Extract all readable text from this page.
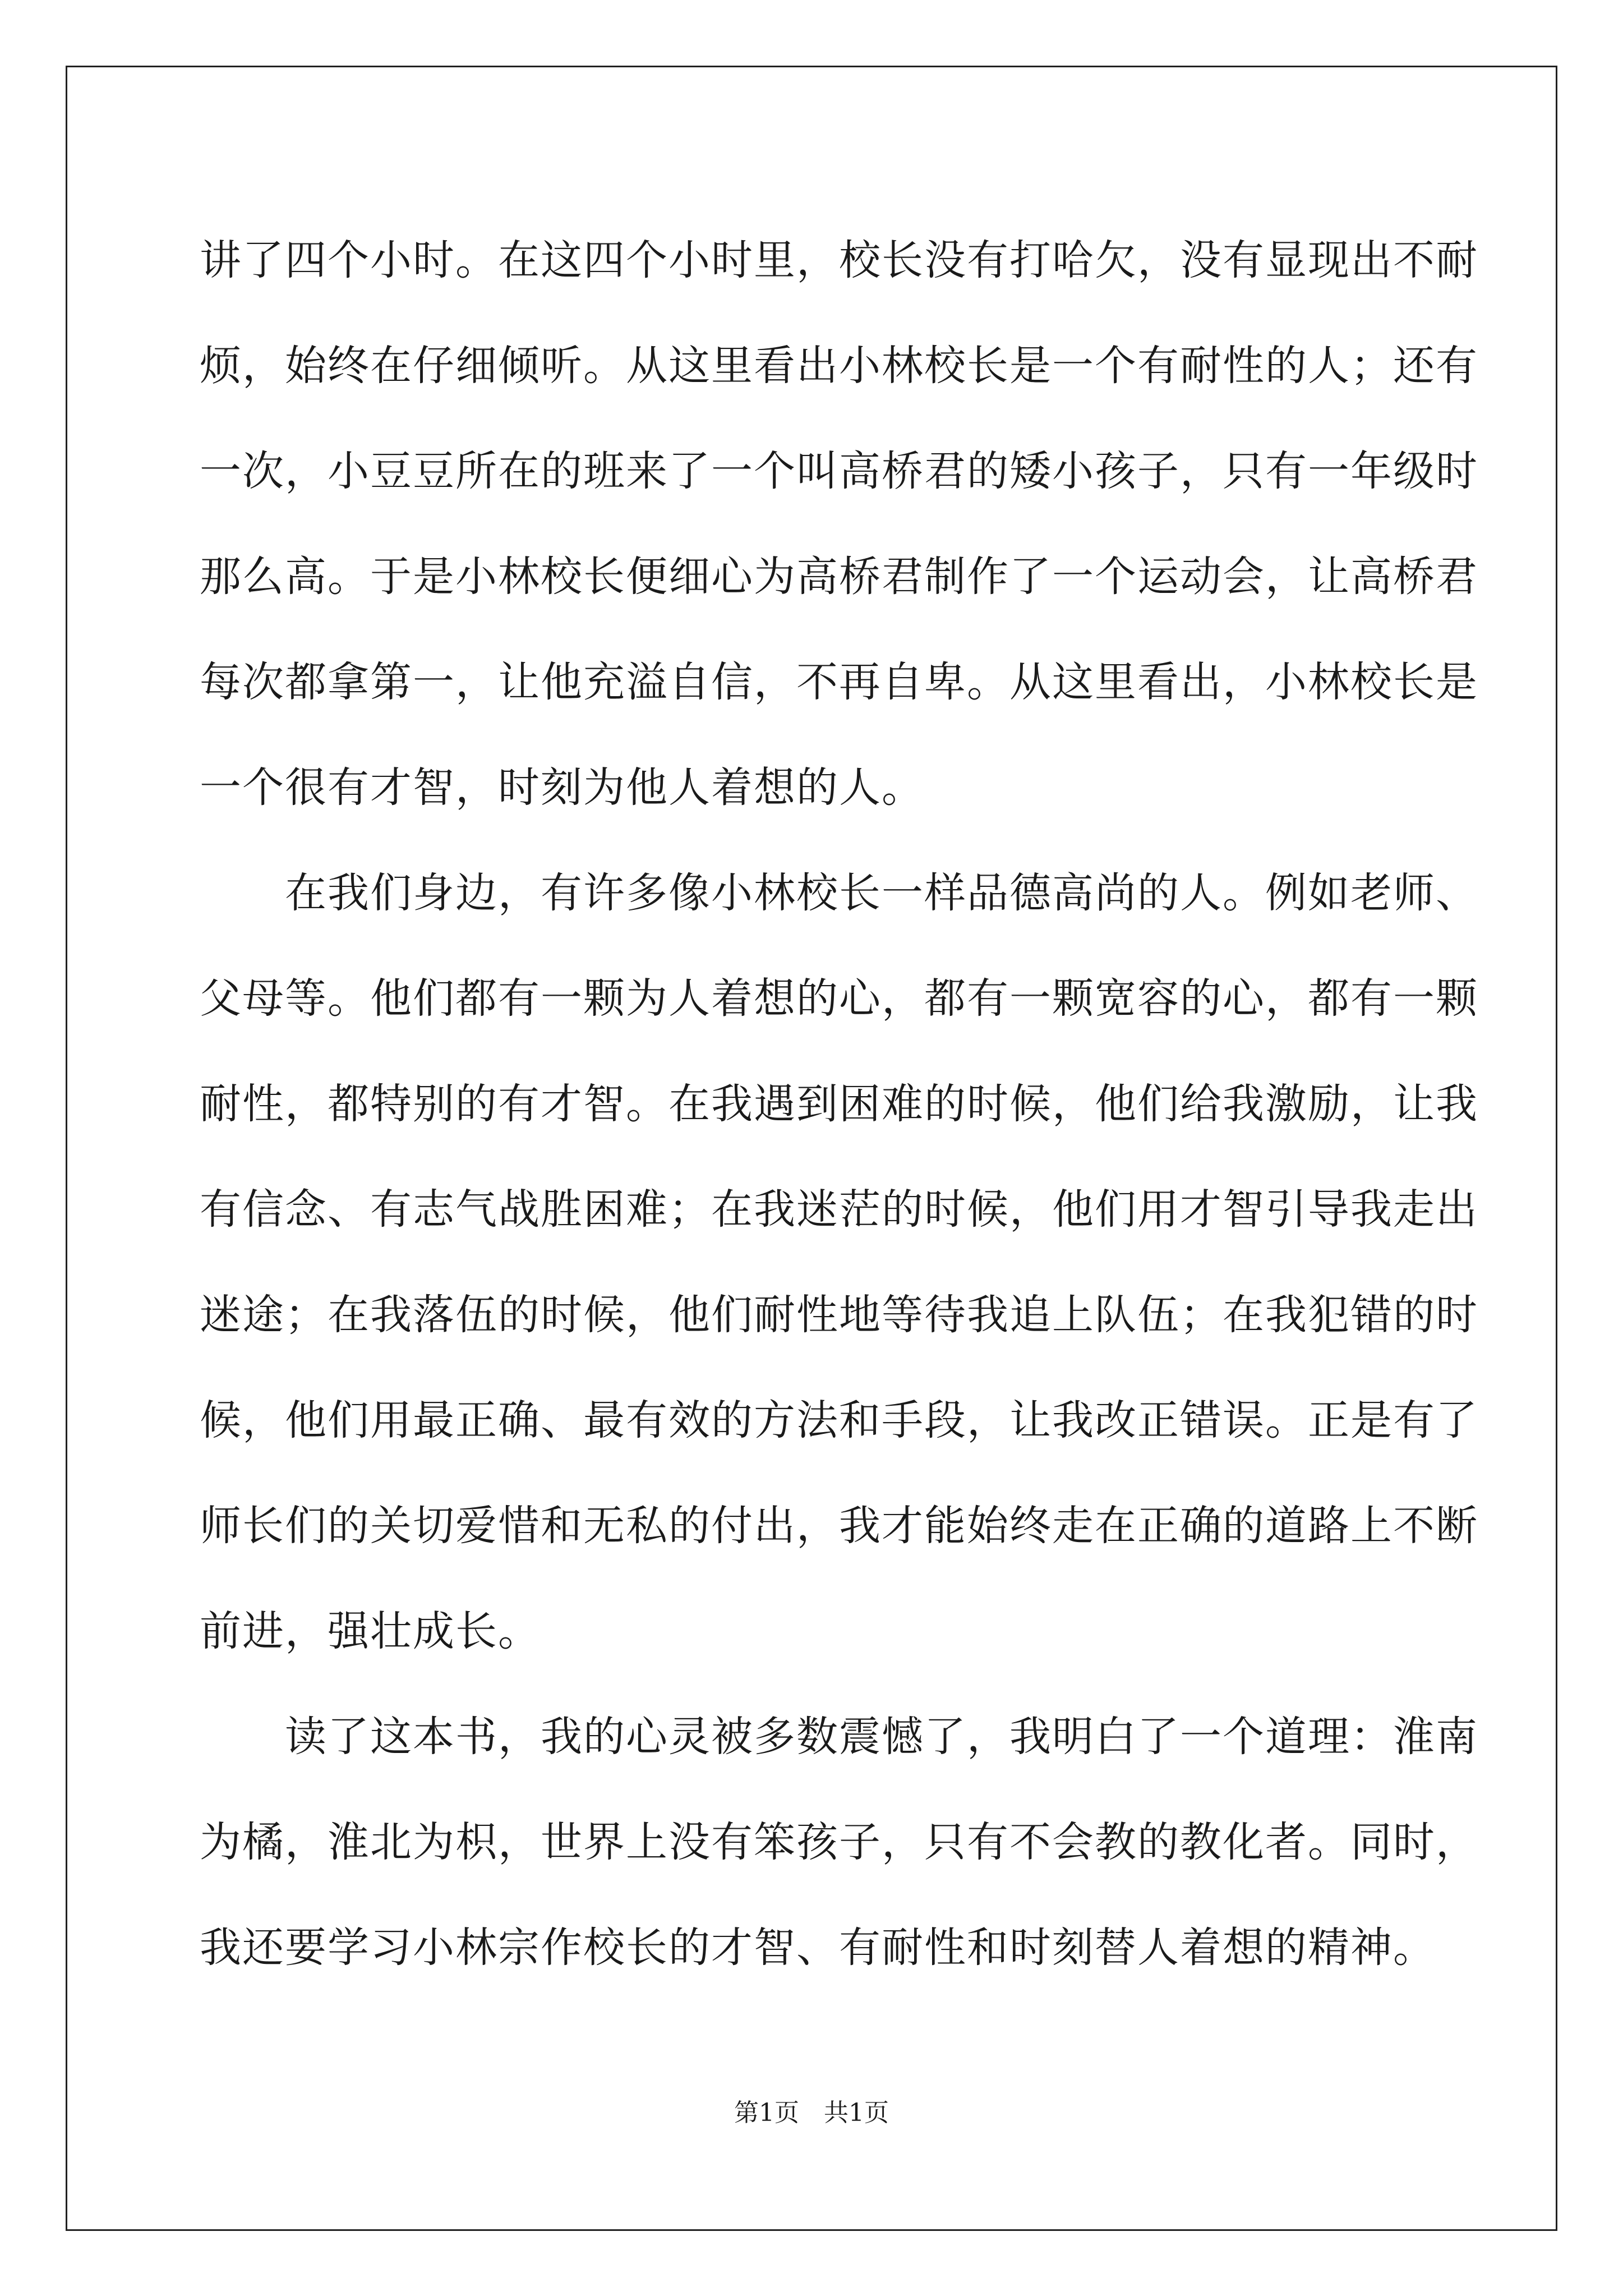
讲了四个小时。在这四个小时里，校长没有打哈欠，没有显现出不耐
烦，始终在仔细倾听。从这里看出小林校长是一个有耐性的人；还有
一次，小豆豆所在的班来了一个叫高桥君的矮小孩子，只有一年级时
那么高。于是小林校长便细心为高桥君制作了一个运动会，让高桥君
每次都拿第一，让他充溢自信，不再自卑。从这里看出，小林校长是
一个很有才智，时刻为他人着想的人。
　　在我们身边，有许多像小林校长一样品德高尚的人。例如老师、
父母等。他们都有一颗为人着想的心，都有一颗宽容的心，都有一颗
耐性，都特别的有才智。在我遇到困难的时候，他们给我激励，让我
有信念、有志气战胜困难；在我迷茫的时候，他们用才智引导我走出
迷途；在我落伍的时候，他们耐性地等待我追上队伍；在我犯错的时
候，他们用最正确、最有效的方法和手段，让我改正错误。正是有了
师长们的关切爱惜和无私的付出，我才能始终走在正确的道路上不断
前进，强壮成长。
　　读了这本书，我的心灵被多数震憾了，我明白了一个道理：淮南
为橘，淮北为枳，世界上没有笨孩子，只有不会教的教化者。同时，
我还要学习小林宗作校长的才智、有耐性和时刻替人着想的精神。
第1页　共1页
